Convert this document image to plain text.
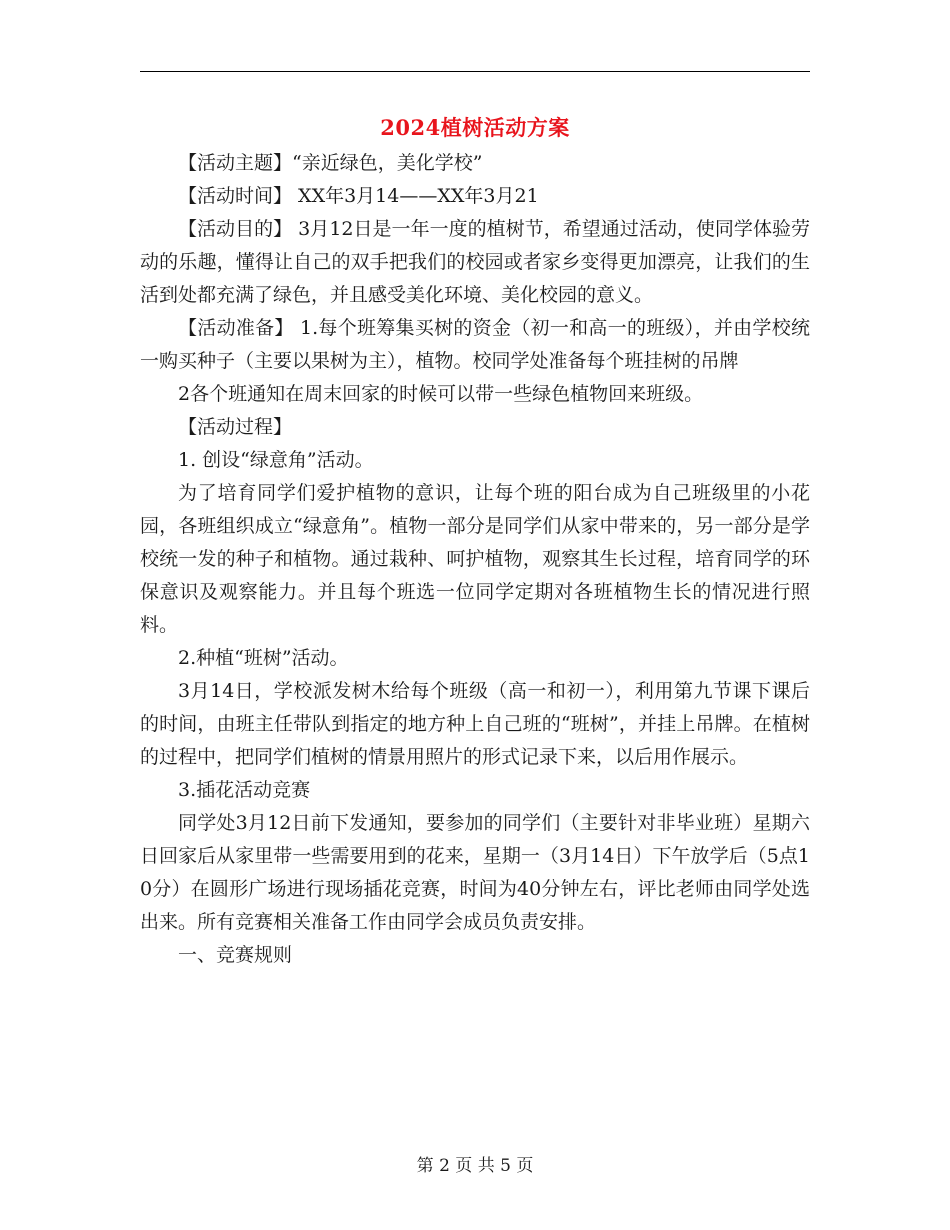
2024植树活动方案

【活动主题】“亲近绿色，美化学校”

【活动时间】 XX年3月14——XX年3月21

【活动目的】 3月12日是一年一度的植树节，希望通过活动，使同学体验劳动的乐趣，懂得让自己的双手把我们的校园或者家乡变得更加漂亮，让我们的生活到处都充满了绿色，并且感受美化环境、美化校园的意义。

【活动准备】 1.每个班筹集买树的资金（初一和高一的班级），并由学校统一购买种子（主要以果树为主），植物。校同学处准备每个班挂树的吊牌

2各个班通知在周末回家的时候可以带一些绿色植物回来班级。

【活动过程】

1. 创设“绿意角”活动。

为了培育同学们爱护植物的意识，让每个班的阳台成为自己班级里的小花园，各班组织成立“绿意角”。植物一部分是同学们从家中带来的，另一部分是学校统一发的种子和植物。通过栽种、呵护植物，观察其生长过程，培育同学的环保意识及观察能力。并且每个班选一位同学定期对各班植物生长的情况进行照料。

2.种植“班树”活动。

3月14日，学校派发树木给每个班级（高一和初一），利用第九节课下课后的时间，由班主任带队到指定的地方种上自己班的“班树”，并挂上吊牌。在植树的过程中，把同学们植树的情景用照片的形式记录下来，以后用作展示。

3.插花活动竞赛

同学处3月12日前下发通知，要参加的同学们（主要针对非毕业班）星期六日回家后从家里带一些需要用到的花来，星期一（3月14日）下午放学后（5点10分）在圆形广场进行现场插花竞赛，时间为40分钟左右，评比老师由同学处选出来。所有竞赛相关准备工作由同学会成员负责安排。

一、竞赛规则

第 2 页 共 5 页
